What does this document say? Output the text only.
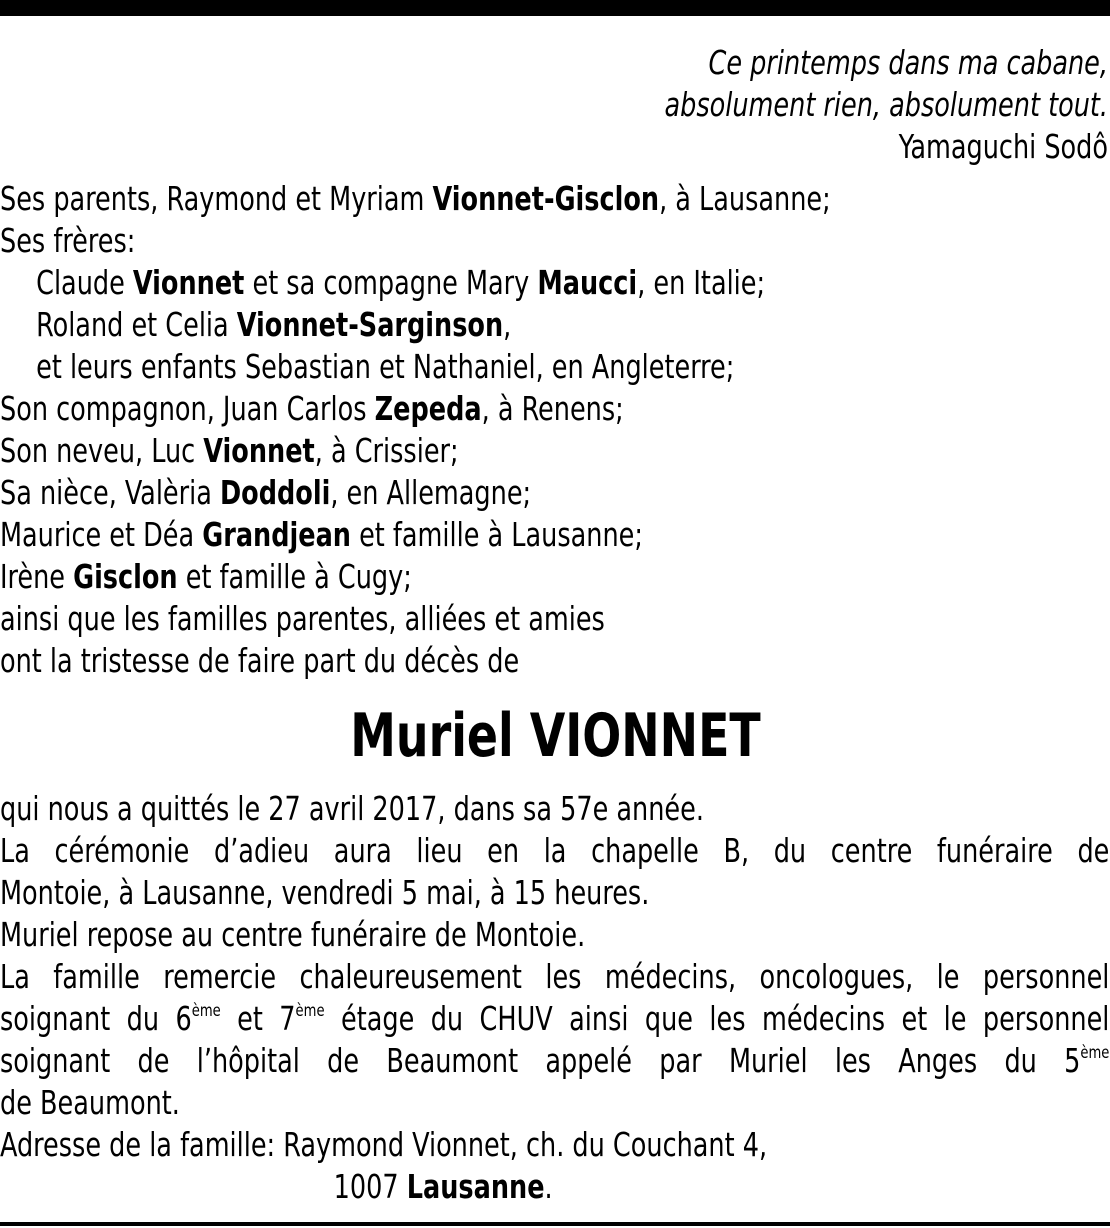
Ce printemps dans ma cabane,
absolument rien, absolument tout.
Yamaguchi Sodô
Ses parents, Raymond et Myriam Vionnet-Gisclon, à Lausanne;
Ses frères:
Claude Vionnet et sa compagne Mary Maucci, en Italie;
Roland et Celia Vionnet-Sarginson,
et leurs enfants Sebastian et Nathaniel, en Angleterre;
Son compagnon, Juan Carlos Zepeda, à Renens;
Son neveu, Luc Vionnet, à Crissier;
Sa nièce, Valèria Doddoli, en Allemagne;
Maurice et Déa Grandjean et famille à Lausanne;
Irène Gisclon et famille à Cugy;
ainsi que les familles parentes, alliées et amies
ont la tristesse de faire part du décès de
Muriel VIONNET
qui nous a quittés le 27 avril 2017, dans sa 57e année.
La cérémonie d’adieu aura lieu en la chapelle B, du centre funéraire de
Montoie, à Lausanne, vendredi 5 mai, à 15 heures.
Muriel repose au centre funéraire de Montoie.
La famille remercie chaleureusement les médecins, oncologues, le personnel
soignant du 6ème et 7ème étage du CHUV ainsi que les médecins et le personnel
soignant de l’hôpital de Beaumont appelé par Muriel les Anges du 5ème
de Beaumont.
Adresse de la famille: Raymond Vionnet, ch. du Couchant 4,
1007 Lausanne.
